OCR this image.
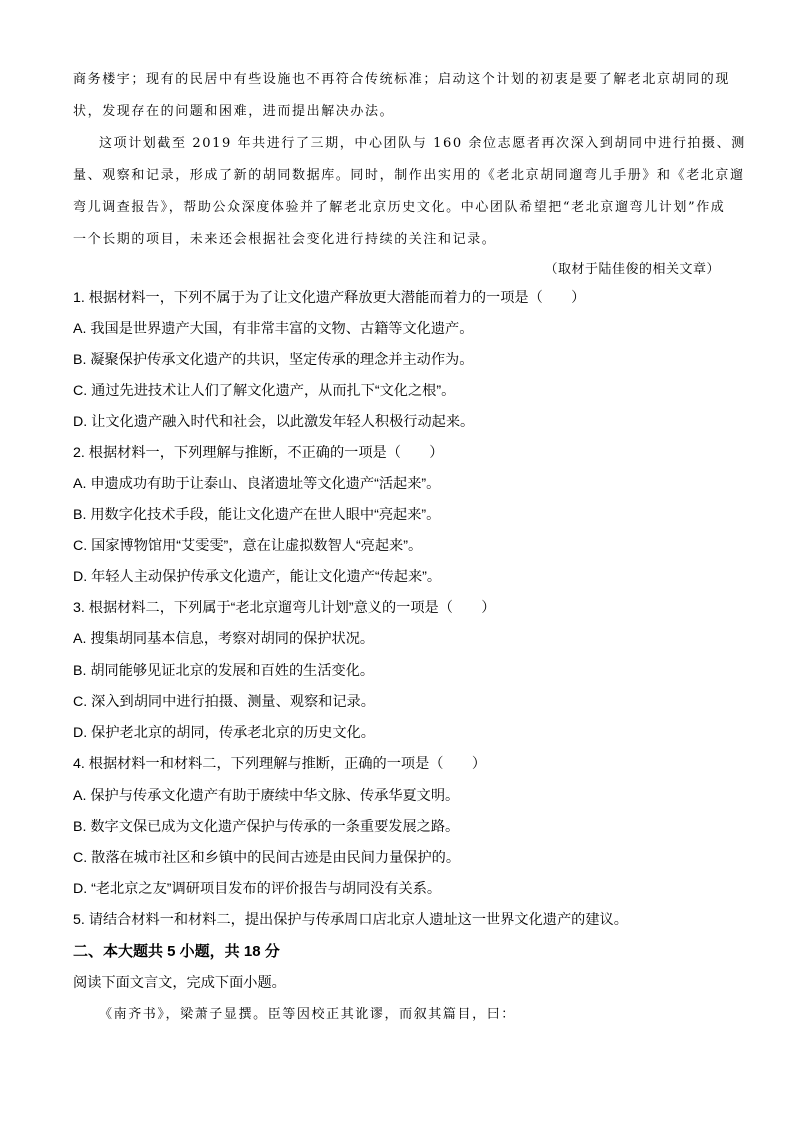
商务楼宇；现有的民居中有些设施也不再符合传统标准；启动这个计划的初衷是要了解老北京胡同的现
状，发现存在的问题和困难，进而提出解决办法。
这项计划截至 2019 年共进行了三期，中心团队与 160 余位志愿者再次深入到胡同中进行拍摄、测
量、观察和记录，形成了新的胡同数据库。同时，制作出实用的《老北京胡同遛弯儿手册》和《老北京遛
弯儿调查报告》，帮助公众深度体验并了解老北京历史文化。中心团队希望把“老北京遛弯儿计划”作成
一个长期的项目，未来还会根据社会变化进行持续的关注和记录。
（取材于陆佳俊的相关文章）
1. 根据材料一，下列不属于为了让文化遗产释放更大潜能而着力的一项是（　　）
A. 我国是世界遗产大国，有非常丰富的文物、古籍等文化遗产。
B. 凝聚保护传承文化遗产的共识，坚定传承的理念并主动作为。
C. 通过先进技术让人们了解文化遗产，从而扎下“文化之根”。
D. 让文化遗产融入时代和社会，以此激发年轻人积极行动起来。
2. 根据材料一，下列理解与推断，不正确的一项是（　　）
A. 申遗成功有助于让泰山、良渚遗址等文化遗产“活起来”。
B. 用数字化技术手段，能让文化遗产在世人眼中“亮起来”。
C. 国家博物馆用“艾雯雯”，意在让虚拟数智人“亮起来”。
D. 年轻人主动保护传承文化遗产，能让文化遗产“传起来”。
3. 根据材料二，下列属于“老北京遛弯儿计划”意义的一项是（　　）
A. 搜集胡同基本信息，考察对胡同的保护状况。
B. 胡同能够见证北京的发展和百姓的生活变化。
C. 深入到胡同中进行拍摄、测量、观察和记录。
D. 保护老北京的胡同，传承老北京的历史文化。
4. 根据材料一和材料二，下列理解与推断，正确的一项是（　　）
A. 保护与传承文化遗产有助于赓续中华文脉、传承华夏文明。
B. 数字文保已成为文化遗产保护与传承的一条重要发展之路。
C. 散落在城市社区和乡镇中的民间古迹是由民间力量保护的。
D. “老北京之友”调研项目发布的评价报告与胡同没有关系。
5. 请结合材料一和材料二，提出保护与传承周口店北京人遗址这一世界文化遗产的建议。
二、本大题共 5 小题，共 18 分
阅读下面文言文，完成下面小题。
《南齐书》，梁萧子显撰。臣等因校正其讹谬，而叙其篇目，曰：
